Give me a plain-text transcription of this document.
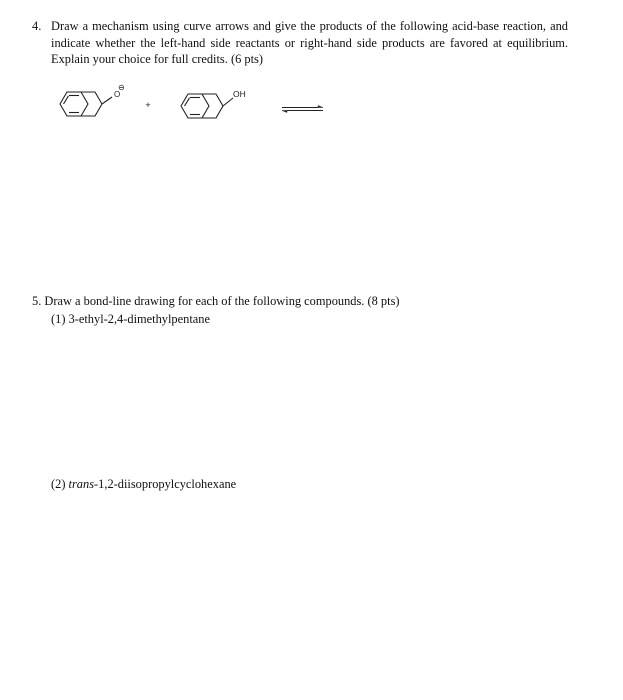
4. Draw a mechanism using curve arrows and give the products of the following acid-base reaction, and indicate whether the left-hand side reactants or right-hand side products are favored at equilibrium. Explain your choice for full credits. (6 pts)
O
⊖
+
OH
5. Draw a bond-line drawing for each of the following compounds. (8 pts)
(1) 3-ethyl-2,4-dimethylpentane
(2) trans-1,2-diisopropylcyclohexane
